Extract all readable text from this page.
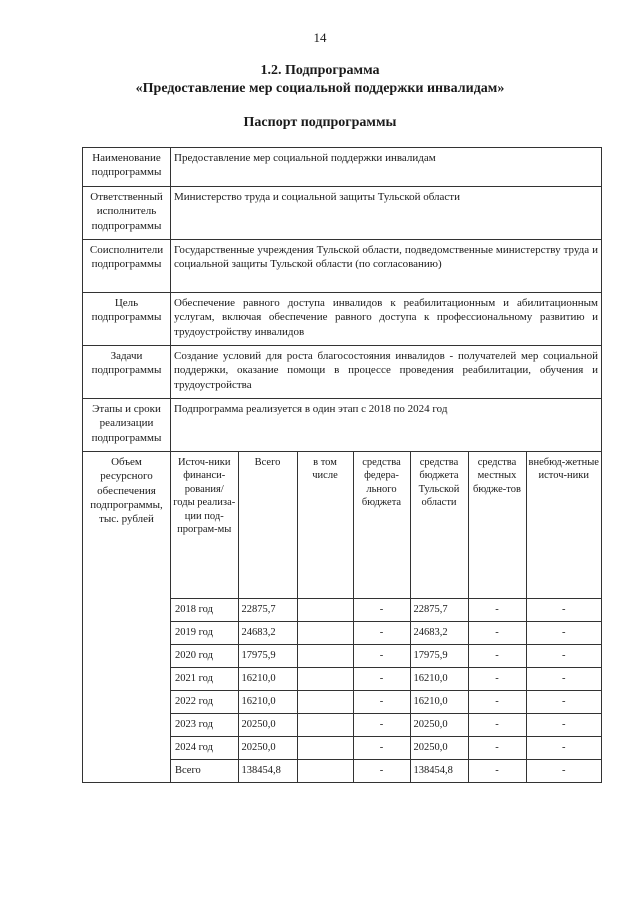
14
1.2. Подпрограмма
«Предоставление мер социальной поддержки инвалидам»
Паспорт подпрограммы
Наименование подпрограммы	Предоставление мер социальной поддержки инвалидам
Ответственный исполнитель подпрограммы	Министерство труда и социальной защиты Тульской области
Соисполнители подпрограммы	Государственные учреждения Тульской области, подведомственные министерству труда и социальной защиты Тульской области (по согласованию)
Цель подпрограммы	Обеспечение равного доступа инвалидов к реабилитационным и абилитационным услугам, включая обеспечение равного доступа к профессиональному развитию и трудоустройству инвалидов
Задачи подпрограммы	Создание условий для роста благосостояния инвалидов - получателей мер социальной поддержки, оказание помощи в процессе проведения реабилитации, обучения и трудоустройства
Этапы и сроки реализации подпрограммы	Подпрограмма реализуется в один этап с 2018 по 2024 год
Объем ресурсного обеспечения подпрограммы, тыс. рублей	
Источ-ники финанси-рования/ годы реализа-ции под-програм-мы	Всего	в том числе	средства федера-льного бюджета	средства бюджета Тульской области	средства местных бюдже-тов	внебюд-жетные источ-ники
2018 год	22875,7		-	22875,7	-	-
2019 год	24683,2		-	24683,2	-	-
2020 год	17975,9		-	17975,9	-	-
2021 год	16210,0		-	16210,0	-	-
2022 год	16210,0		-	16210,0	-	-
2023 год	20250,0		-	20250,0	-	-
2024 год	20250,0		-	20250,0	-	-
Всего	138454,8		-	138454,8	-	-
